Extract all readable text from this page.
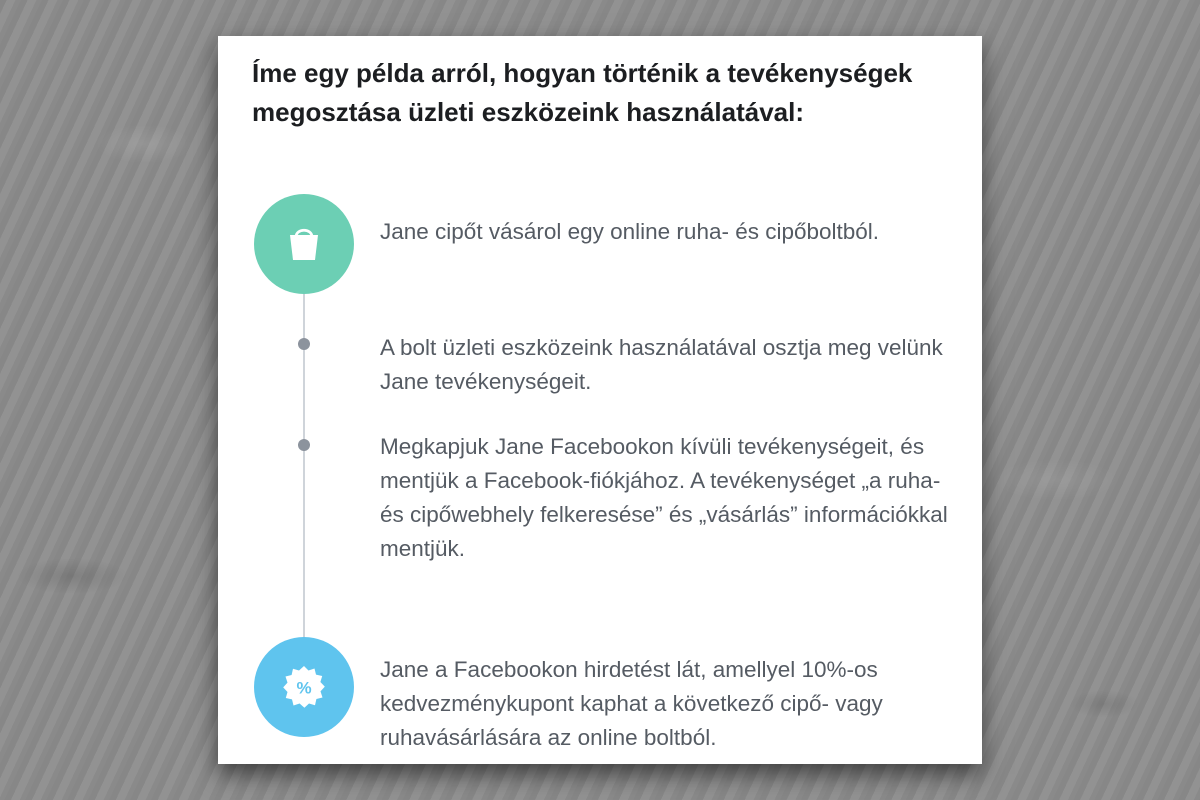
Íme egy példa arról, hogyan történik a tevékenységek megosztása üzleti eszközeink használatával:

Jane cipőt vásárol egy online ruha- és cipőboltból.

A bolt üzleti eszközeink használatával osztja meg velünk Jane tevékenységeit.

Megkapjuk Jane Facebookon kívüli tevékenységeit, és mentjük a Facebook-fiókjához. A tevékenységet „a ruha- és cipőwebhely felkeresése” és „vásárlás” információkkal mentjük.

%

Jane a Facebookon hirdetést lát, amellyel 10%-os kedvezménykupont kaphat a következő cipő- vagy ruhavásárlására az online boltból.
